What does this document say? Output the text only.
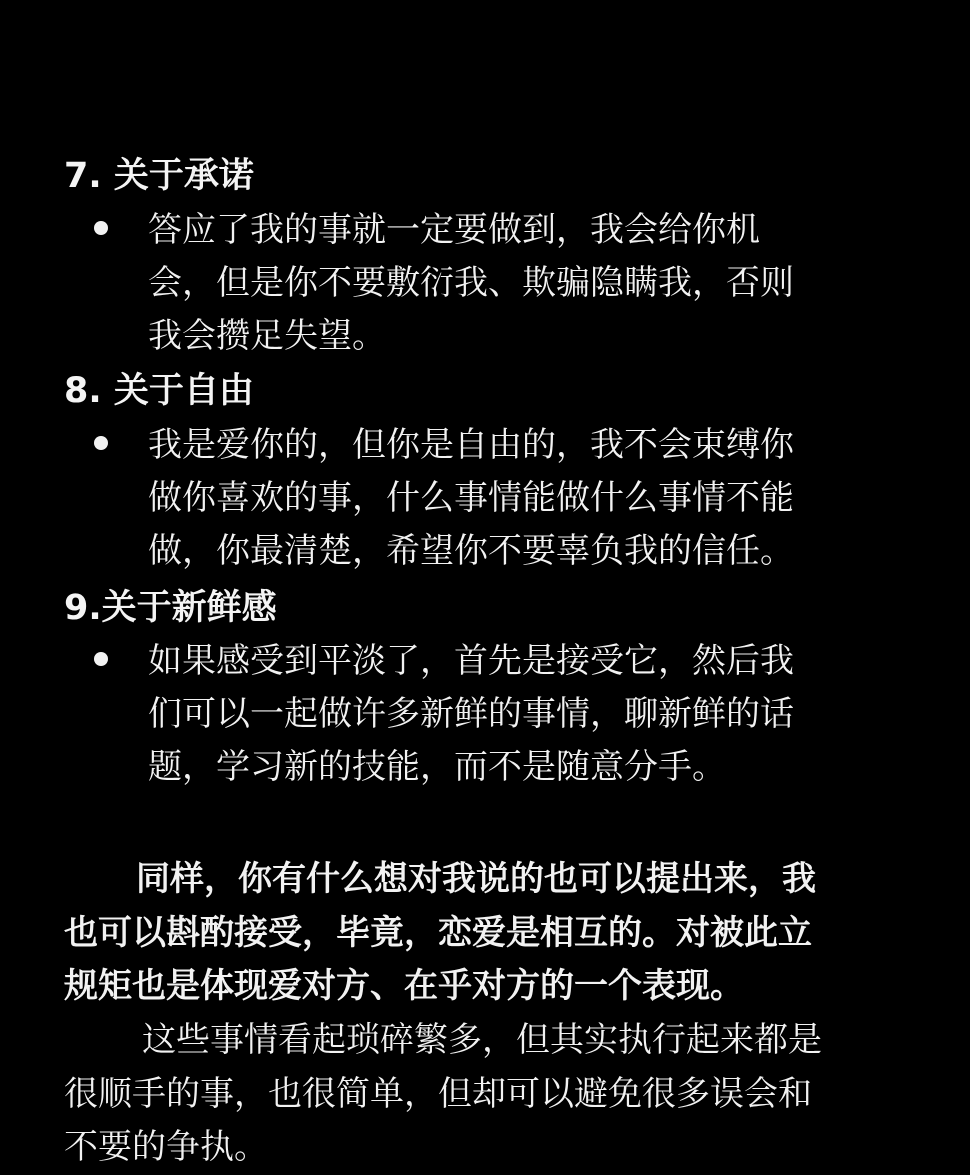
7. 关于承诺
答应了我的事就一定要做到，我会给你机
会，但是你不要敷衍我、欺骗隐瞒我，否则
我会攒足失望。
8. 关于自由
我是爱你的，但你是自由的，我不会束缚你
做你喜欢的事，什么事情能做什么事情不能
做，你最清楚，希望你不要辜负我的信任。
9.关于新鲜感
如果感受到平淡了，首先是接受它，然后我
们可以一起做许多新鲜的事情，聊新鲜的话
题，学习新的技能，而不是随意分手。
同样，你有什么想对我说的也可以提出来，我
也可以斟酌接受，毕竟，恋爱是相互的。对被此立
规矩也是体现爱对方、在乎对方的一个表现。
这些事情看起琐碎繁多，但其实执行起来都是
很顺手的事，也很简单，但却可以避免很多误会和
不要的争执。
